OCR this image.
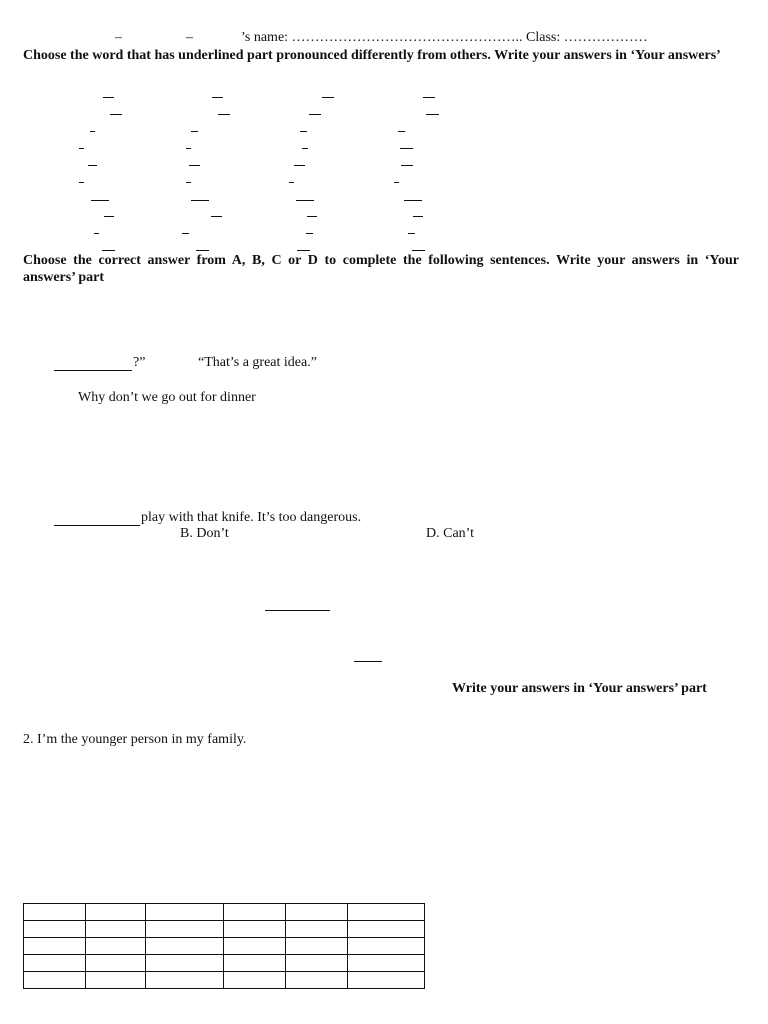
–	–	’s name: ………………………………………….. Class: ………………
Choose the word that has underlined part pronounced differently from others. Write your answers in ‘Your answers’
Choose the correct answer from A, B, C or D to complete the following sentences. Write your answers in ‘Your
answers’ part
?”	“That’s a great idea.”
Why don’t we go out for dinner
play with that knife. It’s too dangerous.
B. Don’t	D. Can’t
Write your answers in ‘Your answers’ part
2. I’m the younger person in my family.
